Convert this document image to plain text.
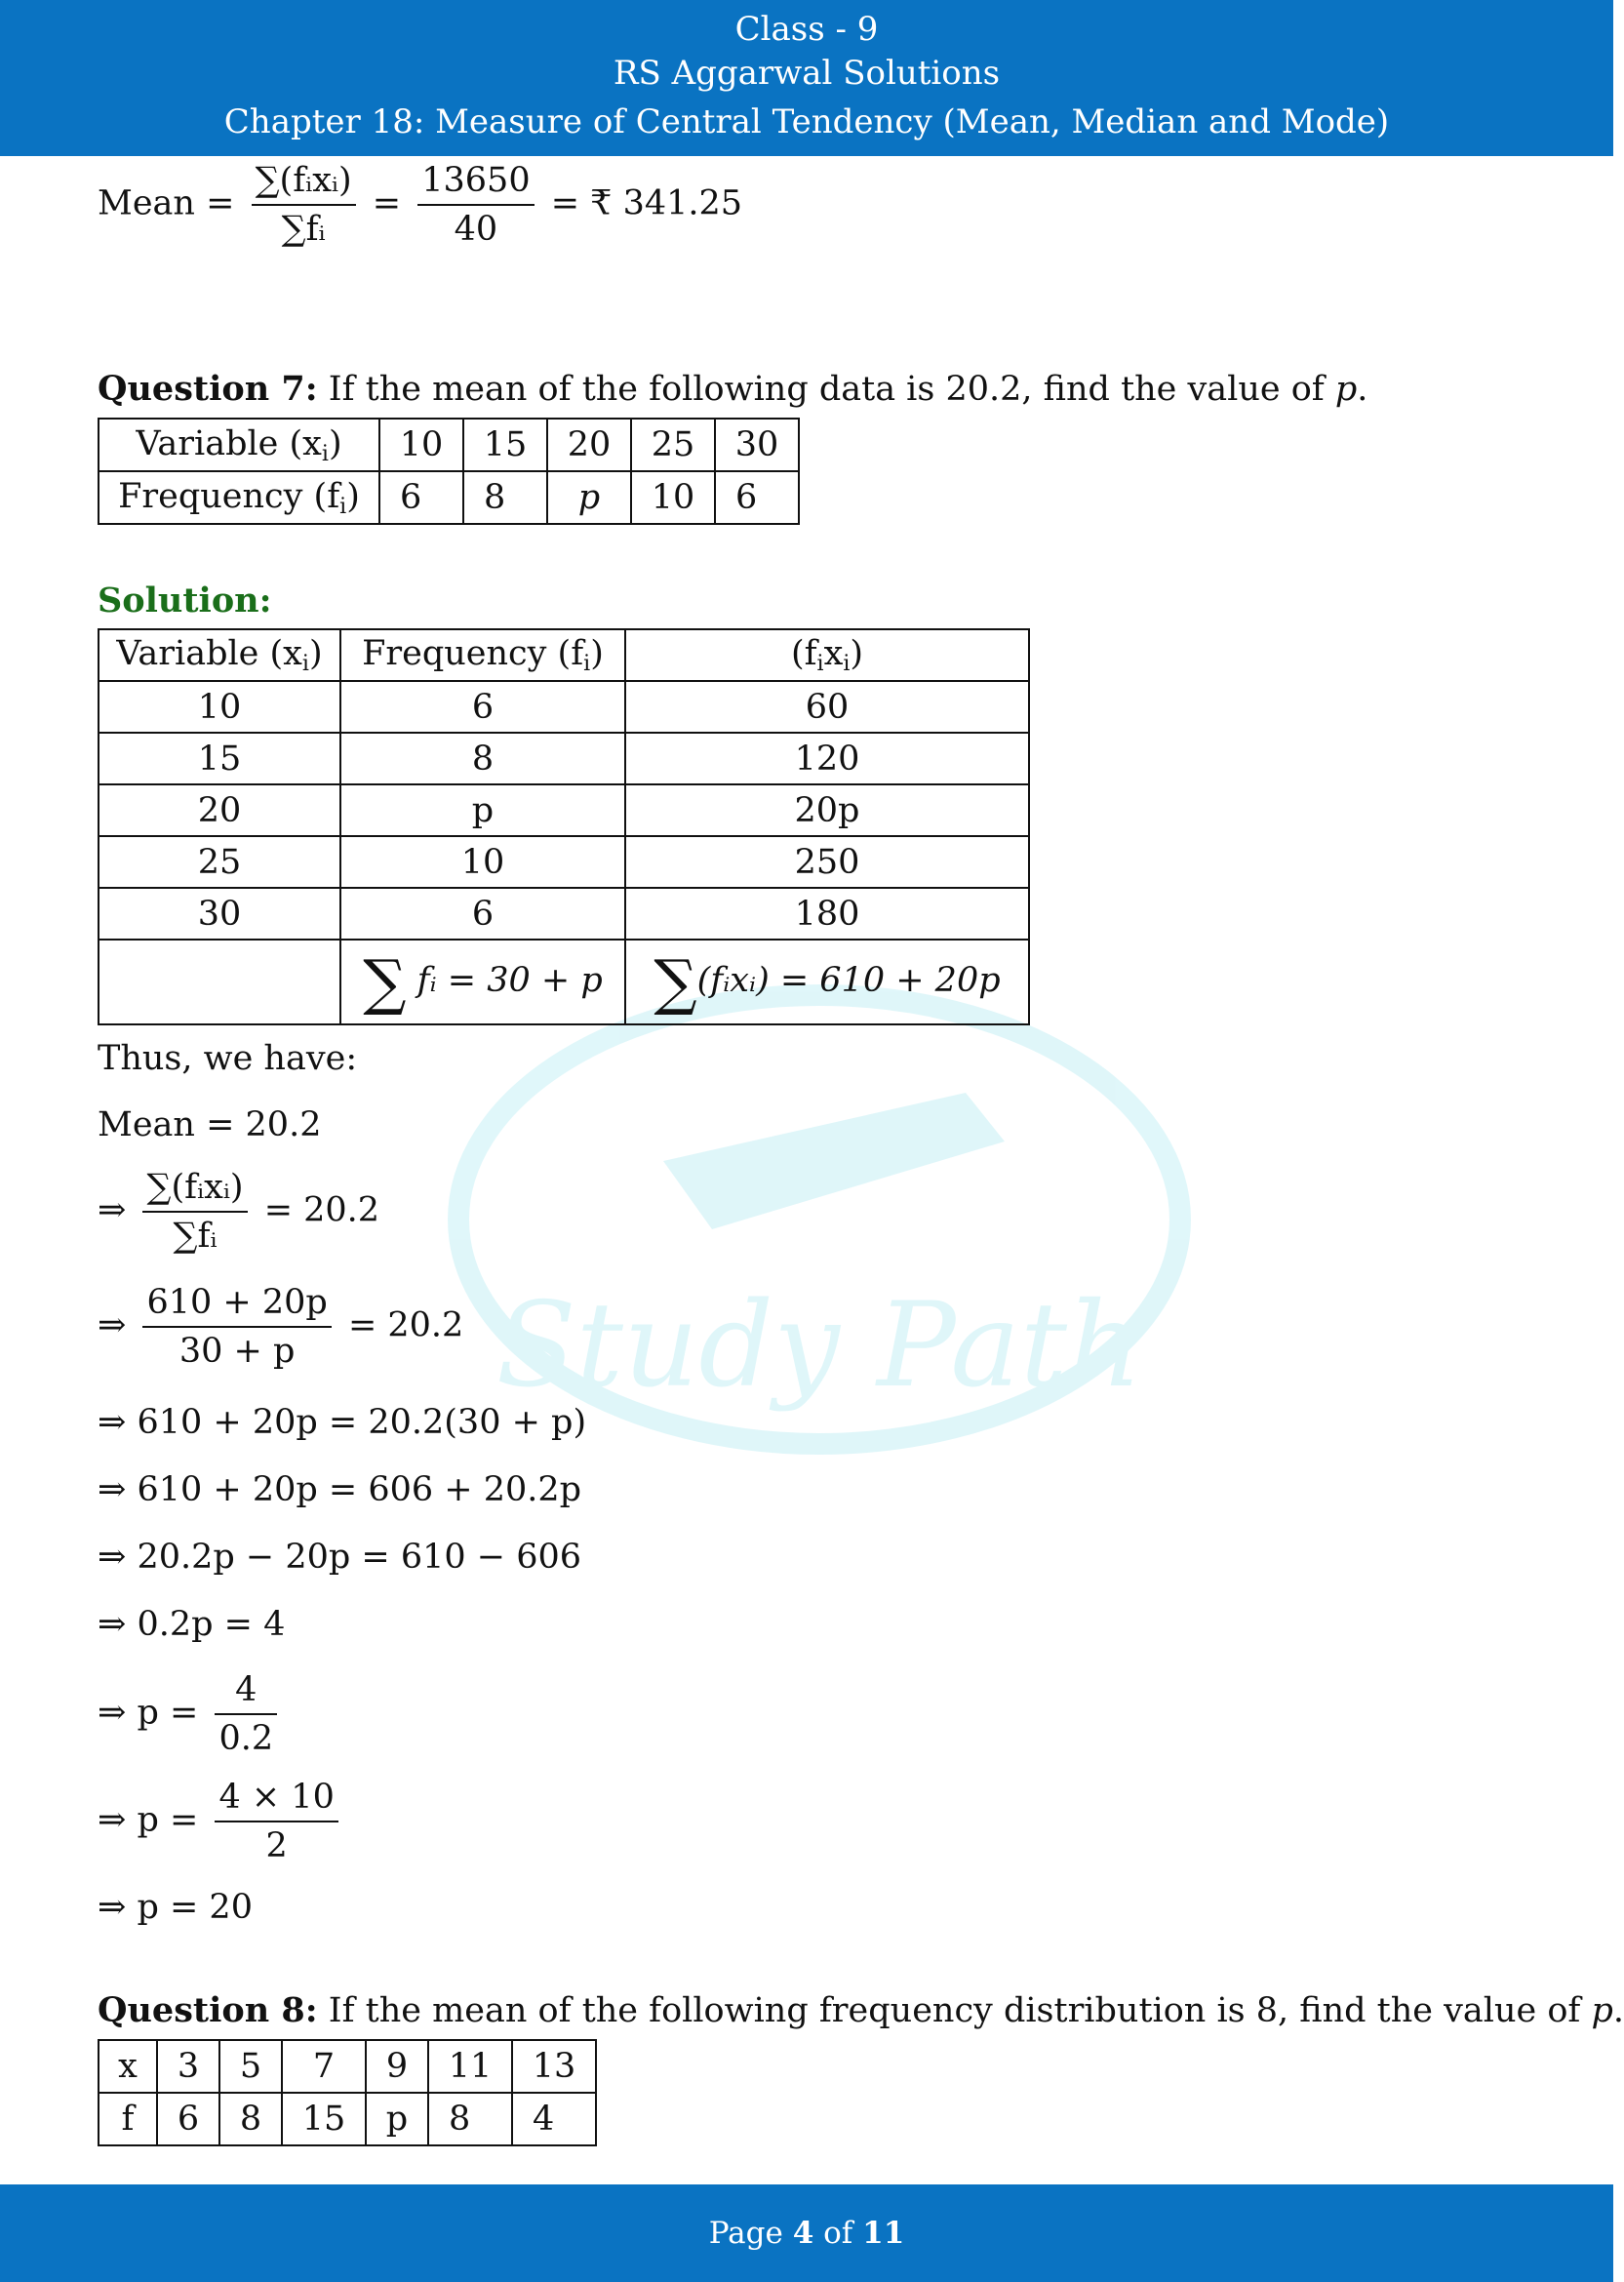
Class - 9
RS Aggarwal Solutions
Chapter 18: Measure of Central Tendency (Mean, Median and Mode)
Study Path
Mean = $\frac{\text{∑(fᵢxᵢ)}}{\text{∑fᵢ}} = \frac{13650}{40}$ = ₹ 341.25
Question 7: If the mean of the following data is 20.2, find the value of p.
Variable $(x_i)$	10	15	20	25	30
Frequency $(f_i)$	6	8	p	10	6
Solution:
Variable $(x_i)$	Frequency $(f_i)$	$(f_ix_i)$
10	6	60
15	8	120
20	p	20p
25	10	250
30	6	180
	∑ fᵢ = 30 + p	∑(fᵢxᵢ) = 610 + 20p
Thus, we have:
Mean = 20.2
⇒ $\frac{\text{∑(fᵢxᵢ)}}{\text{∑fᵢ}} = 20.2$
⇒ $\frac{610 + 20p}{30 + p} = 20.2$
⇒ 610 + 20p = 20.2(30 + p)
⇒ 610 + 20p = 606 + 20.2p
⇒ 20.2p − 20p = 610 − 606
⇒ 0.2p = 4
⇒ $p = \frac{4}{0.2}$
⇒ $p = \frac{4 \times 10}{2}$
⇒ p = 20
Question 8: If the mean of the following frequency distribution is 8, find the value of p.
x	3	5	7	9	11	13
f	6	8	15	p	8	4
Page 4 of 11
